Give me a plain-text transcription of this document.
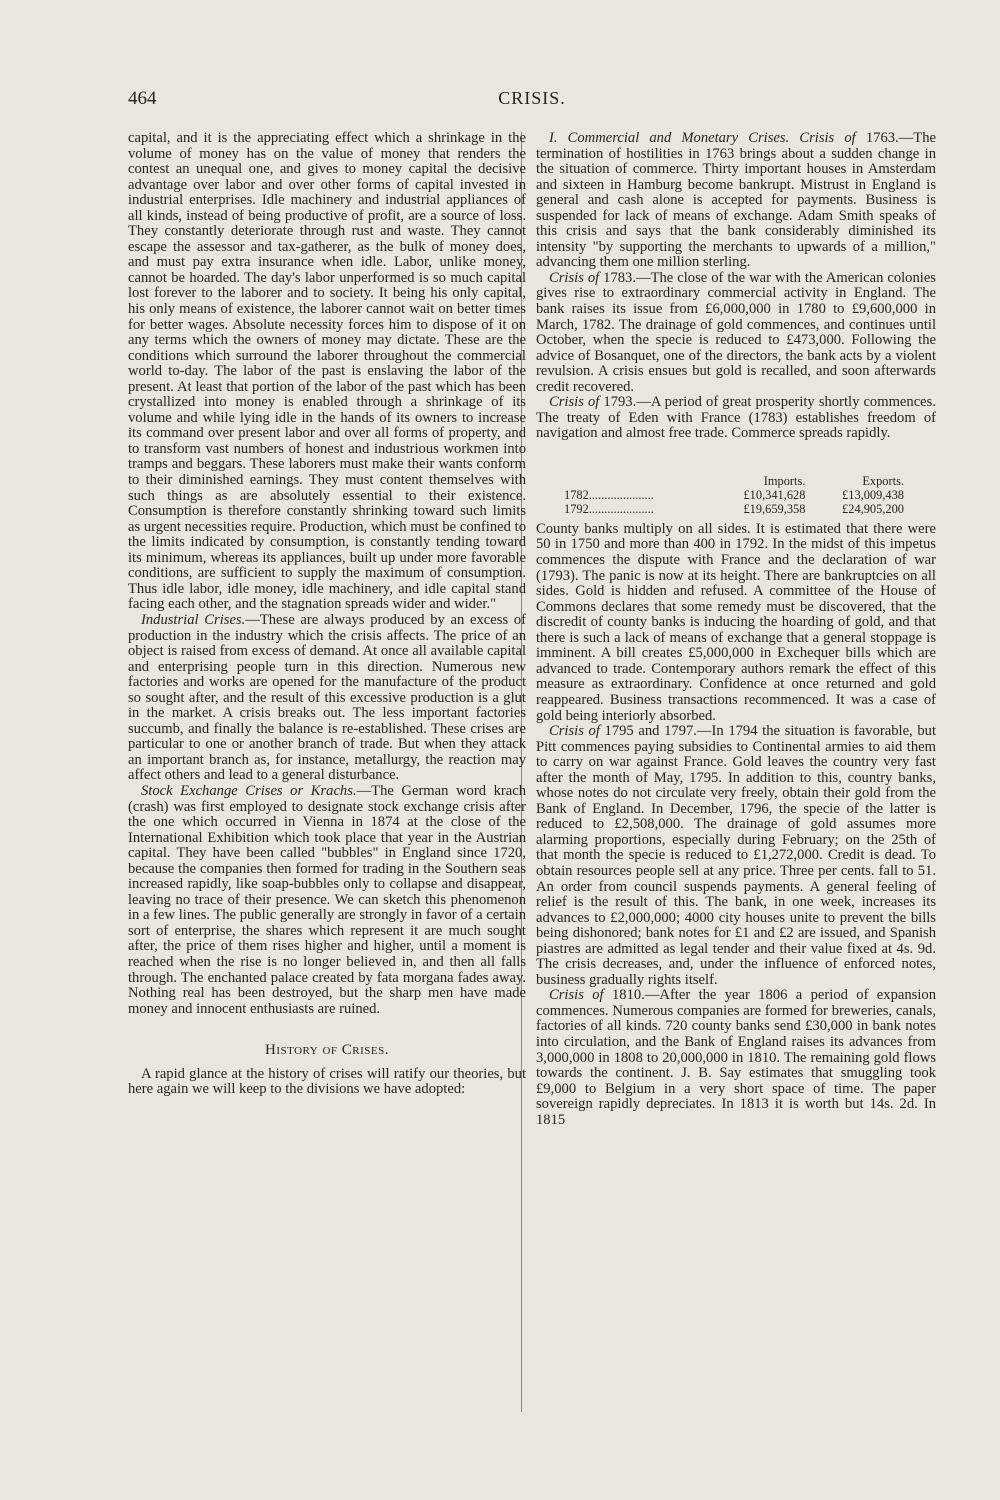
464	CRISIS.

capital, and it is the appreciating effect which a shrinkage in the volume of money has on the value of money that renders the contest an unequal one, and gives to money capital the decisive advantage over labor and over other forms of capital invested in industrial enterprises. Idle machinery and industrial appliances of all kinds, instead of being productive of profit, are a source of loss. They constantly deteriorate through rust and waste. They cannot escape the assessor and tax-gatherer, as the bulk of money does, and must pay extra insurance when idle. Labor, unlike money, cannot be hoarded. The day's labor unperformed is so much capital lost forever to the laborer and to society. It being his only capital, his only means of existence, the laborer cannot wait on better times for better wages. Absolute necessity forces him to dispose of it on any terms which the owners of money may dictate. These are the conditions which surround the laborer throughout the commercial world to-day. The labor of the past is enslaving the labor of the present. At least that portion of the labor of the past which has been crystallized into money is enabled through a shrinkage of its volume and while lying idle in the hands of its owners to increase its command over present labor and over all forms of property, and to transform vast numbers of honest and industrious workmen into tramps and beggars. These laborers must make their wants conform to their diminished earnings. They must content themselves with such things as are absolutely essential to their existence. Consumption is therefore constantly shrinking toward such limits as urgent necessities require. Production, which must be confined to the limits indicated by consumption, is constantly tending toward its minimum, whereas its appliances, built up under more favorable conditions, are sufficient to supply the maximum of consumption. Thus idle labor, idle money, idle machinery, and idle capital stand facing each other, and the stagnation spreads wider and wider."

Industrial Crises.—These are always produced by an excess of production in the industry which the crisis affects. The price of an object is raised from excess of demand. At once all available capital and enterprising people turn in this direction. Numerous new factories and works are opened for the manufacture of the product so sought after, and the result of this excessive production is a glut in the market. A crisis breaks out. The less important factories succumb, and finally the balance is re-established. These crises are particular to one or another branch of trade. But when they attack an important branch as, for instance, metallurgy, the reaction may affect others and lead to a general disturbance.

Stock Exchange Crises or Krachs.—The German word krach (crash) was first employed to designate stock exchange crisis after the one which occurred in Vienna in 1874 at the close of the International Exhibition which took place that year in the Austrian capital. They have been called "bubbles" in England since 1720, because the companies then formed for trading in the Southern seas increased rapidly, like soap-bubbles only to collapse and disappear, leaving no trace of their presence. We can sketch this phenomenon in a few lines. The public generally are strongly in favor of a certain sort of enterprise, the shares which represent it are much sought after, the price of them rises higher and higher, until a moment is reached when the rise is no longer believed in, and then all falls through. The enchanted palace created by fata morgana fades away. Nothing real has been destroyed, but the sharp men have made money and innocent enthusiasts are ruined.

History of Crises.

A rapid glance at the history of crises will ratify our theories, but here again we will keep to the divisions we have adopted:

I. Commercial and Monetary Crises. Crisis of 1763.—The termination of hostilities in 1763 brings about a sudden change in the situation of commerce. Thirty important houses in Amsterdam and sixteen in Hamburg become bankrupt. Mistrust in England is general and cash alone is accepted for payments. Business is suspended for lack of means of exchange. Adam Smith speaks of this crisis and says that the bank considerably diminished its intensity "by supporting the merchants to upwards of a million," advancing them one million sterling.

Crisis of 1783.—The close of the war with the American colonies gives rise to extraordinary commercial activity in England. The bank raises its issue from £6,000,000 in 1780 to £9,600,000 in March, 1782. The drainage of gold commences, and continues until October, when the specie is reduced to £473,000. Following the advice of Bosanquet, one of the directors, the bank acts by a violent revulsion. A crisis ensues but gold is recalled, and soon afterwards credit recovered.

Crisis of 1793.—A period of great prosperity shortly commences. The treaty of Eden with France (1783) establishes freedom of navigation and almost free trade. Commerce spreads rapidly.

	Imports.	Exports.
1782.....................	£10,341,628	£13,009,438
1792.....................	£19,659,358	£24,905,200

County banks multiply on all sides. It is estimated that there were 50 in 1750 and more than 400 in 1792. In the midst of this impetus commences the dispute with France and the declaration of war (1793). The panic is now at its height. There are bankruptcies on all sides. Gold is hidden and refused. A committee of the House of Commons declares that some remedy must be discovered, that the discredit of county banks is inducing the hoarding of gold, and that there is such a lack of means of exchange that a general stoppage is imminent. A bill creates £5,000,000 in Exchequer bills which are advanced to trade. Contemporary authors remark the effect of this measure as extraordinary. Confidence at once returned and gold reappeared. Business transactions recommenced. It was a case of gold being interiorly absorbed.

Crisis of 1795 and 1797.—In 1794 the situation is favorable, but Pitt commences paying subsidies to Continental armies to aid them to carry on war against France. Gold leaves the country very fast after the month of May, 1795. In addition to this, country banks, whose notes do not circulate very freely, obtain their gold from the Bank of England. In December, 1796, the specie of the latter is reduced to £2,508,000. The drainage of gold assumes more alarming proportions, especially during February; on the 25th of that month the specie is reduced to £1,272,000. Credit is dead. To obtain resources people sell at any price. Three per cents. fall to 51. An order from council suspends payments. A general feeling of relief is the result of this. The bank, in one week, increases its advances to £2,000,000; 4000 city houses unite to prevent the bills being dishonored; bank notes for £1 and £2 are issued, and Spanish piastres are admitted as legal tender and their value fixed at 4s. 9d. The crisis decreases, and, under the influence of enforced notes, business gradually rights itself.

Crisis of 1810.—After the year 1806 a period of expansion commences. Numerous companies are formed for breweries, canals, factories of all kinds. 720 county banks send £30,000 in bank notes into circulation, and the Bank of England raises its advances from 3,000,000 in 1808 to 20,000,000 in 1810. The remaining gold flows towards the continent. J. B. Say estimates that smuggling took £9,000 to Belgium in a very short space of time. The paper sovereign rapidly depreciates. In 1813 it is worth but 14s. 2d. In 1815
